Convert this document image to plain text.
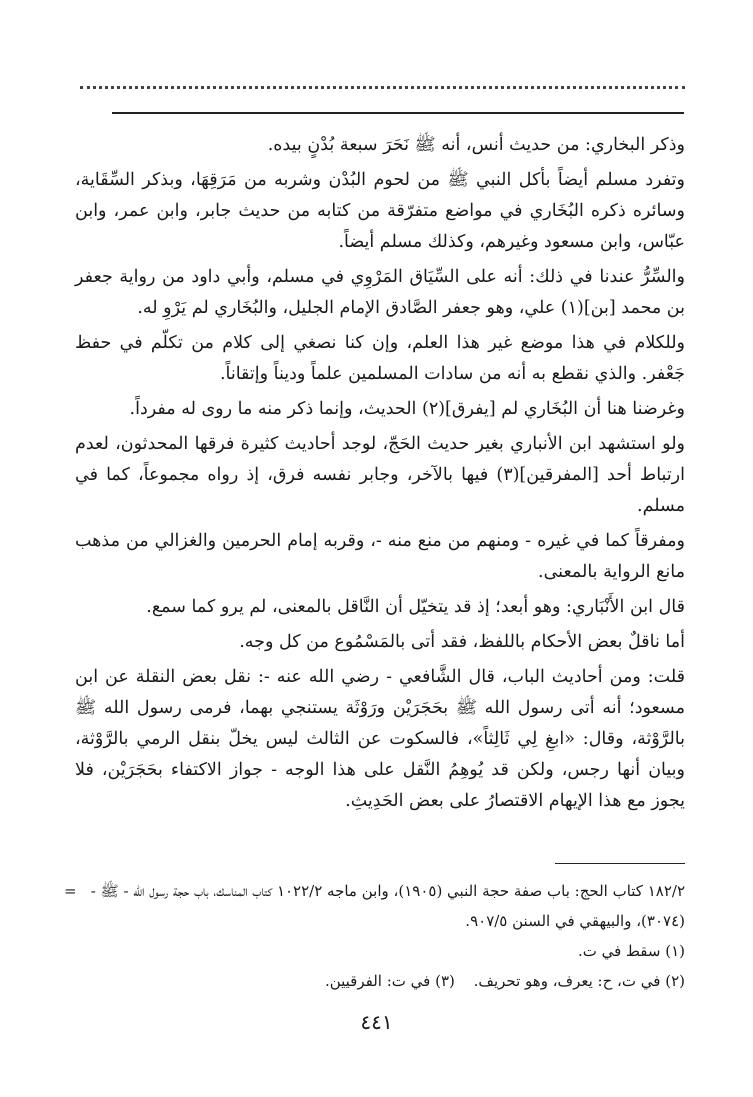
وذكر البخاري: من حديث أنس، أنه ﷺ نَحَرَ سبعة بُدْنٍ بيده.

وتفرد مسلم أيضاً بأكل النبي ﷺ من لحوم البُدْن وشربه من مَرَقِهَا، وبذكر السِّقَاية، وسائره ذكره البُخَاري في مواضع متفرّقة من كتابه من حديث جابر، وابن عمر، وابن عبّاس، وابن مسعود وغيرهم، وكذلك مسلم أيضاً.

والسِّرُّ عندنا في ذلك: أنه على السِّيَاق المَرْوِي في مسلم، وأبي داود من رواية جعفر بن محمد [بن](١) علي، وهو جعفر الصَّادق الإمام الجليل، والبُخَاري لم يَرْوِ له.

وللكلام في هذا موضع غير هذا العلم، وإن كنا نصغي إلى كلام من تكلّم في حفظ جَعْفر. والذي نقطع به أنه من سادات المسلمين علماً وديناً وإتقاناً.

وغرضنا هنا أن البُخَاري لم [يفرق](٢) الحديث، وإنما ذكر منه ما روى له مفرداً.

ولو استشهد ابن الأنباري بغير حديث الحَجّ، لوجد أحاديث كثيرة فرقها المحدثون، لعدم ارتباط أحد [المفرقين](٣) فيها بالآخر، وجابر نفسه فرق، إذ رواه مجموعاً، كما في مسلم.

ومفرقاً كما في غيره - ومنهم من منع منه -، وقربه إمام الحرمين والغزالي من مذهب مانع الرواية بالمعنى.

قال ابن الأَنْبَاري: وهو أبعد؛ إذ قد يتخيّل أن النَّاقل بالمعنى، لم يرو كما سمع.

أما ناقلٌ بعض الأحكام باللفظ، فقد أتى بالمَسْمُوع من كل وجه.

قلت: ومن أحاديث الباب، قال الشَّافعي - رضي الله عنه -: نقل بعض النقلة عن ابن مسعود؛ أنه أتى رسول الله ﷺ بحَجَرَيْن ورَوْثَة يستنجي بهما، فرمى رسول الله ﷺ بالرَّوْثة، وقال: «ابغِ لِي ثَالِثاً»، فالسكوت عن الثالث ليس يخلّ بنقل الرمي بالرَّوْثة، وبيان أنها رجس، ولكن قد يُوهِمُ النَّقل على هذا الوجه - جواز الاكتفاء بحَجَرَيْن، فلا يجوز مع هذا الإيهام الاقتصارُ على بعض الحَدِيثِ.

= ١٨٢/٢ كتاب الحج: باب صفة حجة النبي (١٩٠٥)، وابن ماجه ١٠٢٢/٢ كتاب المناسك، باب حجة رسول الله - ﷺ - (٣٠٧٤)، والبيهقي في السنن ٩٠٧/٥.

(١) سقط في ت.

(٢) في ت، ح: يعرف، وهو تحريف. (٣) في ت: الفرقيين.

٤٤١
